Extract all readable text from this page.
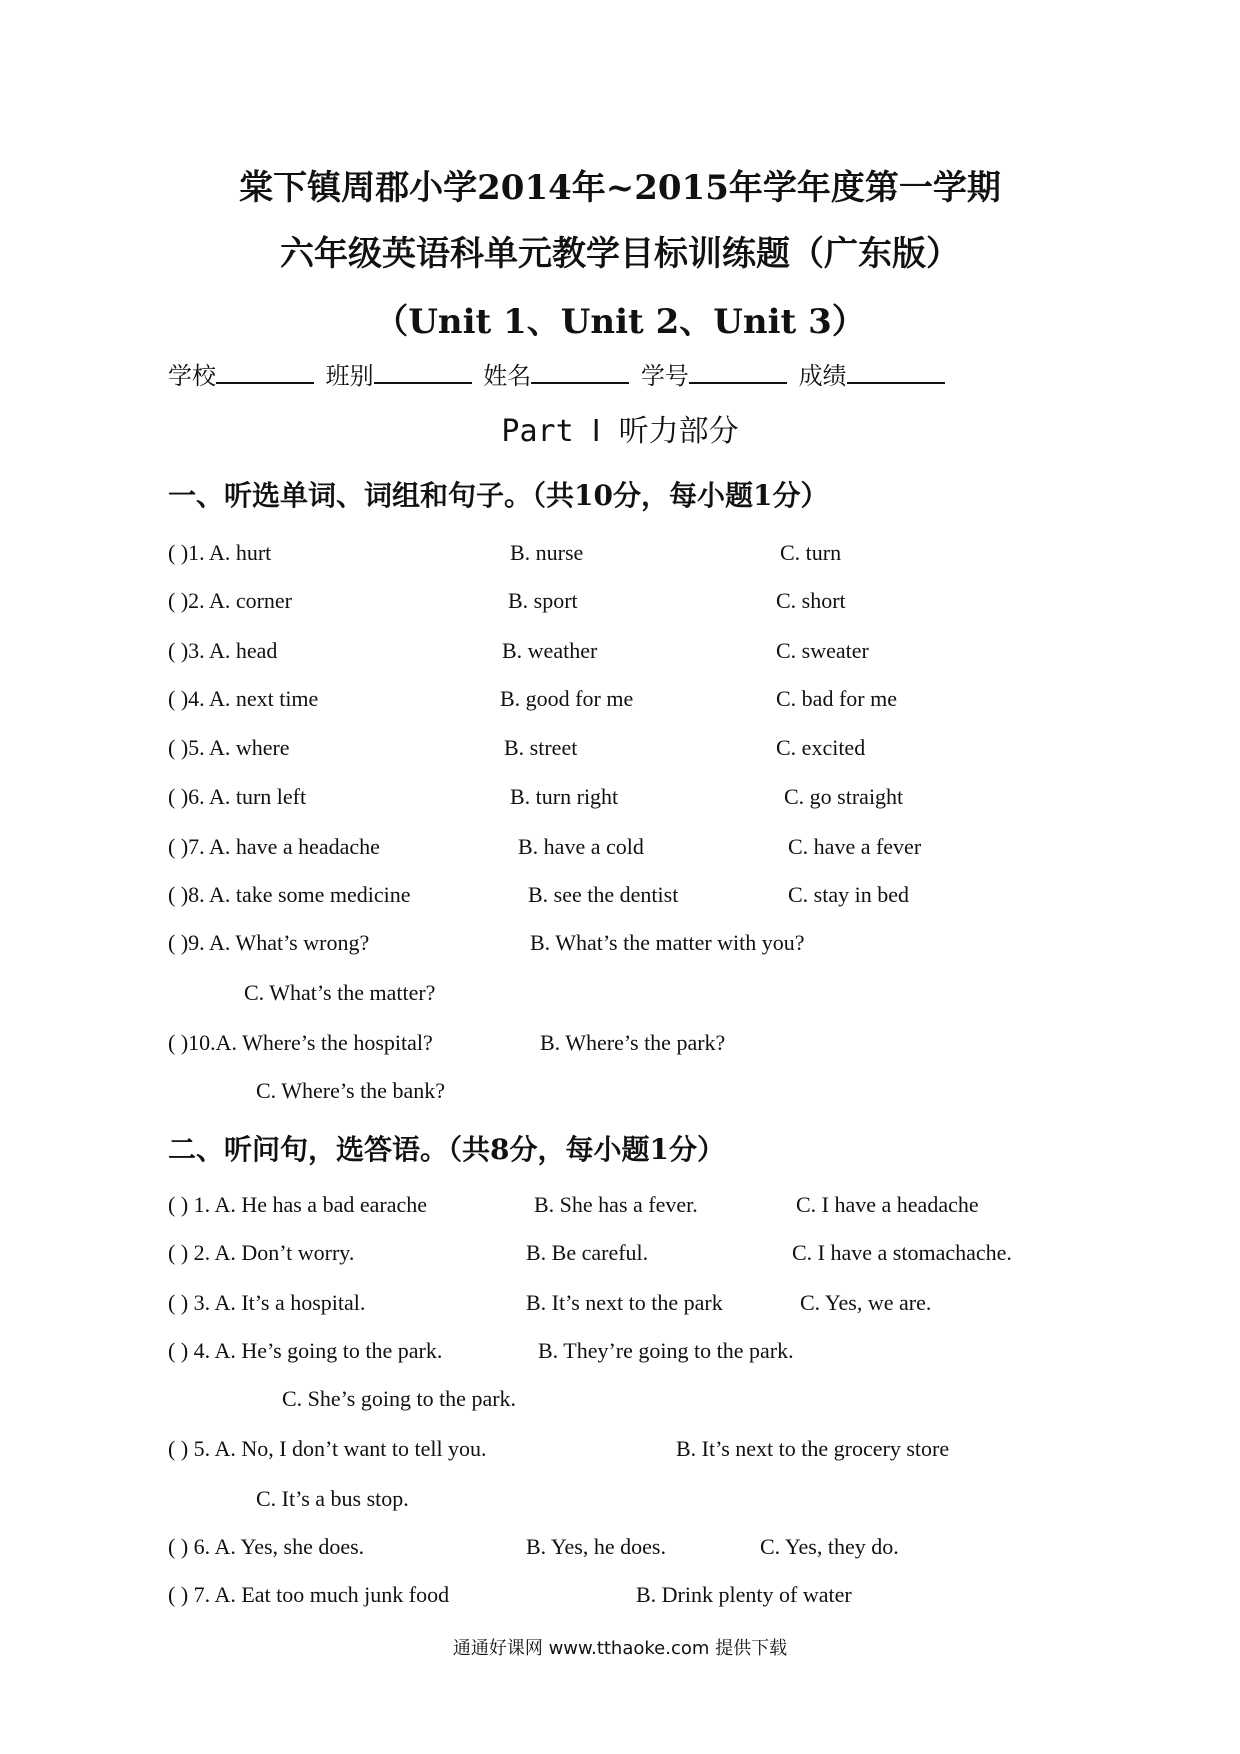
棠下镇周郡小学2014年~2015年学年度第一学期
六年级英语科单元教学目标训练题（广东版）
（Unit 1、Unit 2、Unit 3）
学校	班别	姓名	学号	成绩
Part Ⅰ 听力部分
一、听选单词、词组和句子。（共10分，每小题1分）
( )1. A. hurt	B. nurse	C. turn
( )2. A. corner	B. sport	C. short
( )3. A. head	B. weather	C. sweater
( )4. A. next time	B. good for me	C. bad for me
( )5. A. where	B. street	C. excited
( )6. A. turn left	B. turn right	C. go straight
( )7. A. have a headache	B. have a cold	C. have a fever
( )8. A. take some medicine	B. see the dentist	C. stay in bed
( )9. A. What’s wrong?	B. What’s the matter with you?
C. What’s the matter?
( )10.A. Where’s the hospital?	B. Where’s the park?
C. Where’s the bank?
二、听问句，选答语。（共8分，每小题1分）
( ) 1. A. He has a bad earache	B. She has a fever.	C. I have a headache
( ) 2. A. Don’t worry.	B. Be careful.	C. I have a stomachache.
( ) 3. A. It’s a hospital.	B. It’s next to the park	C. Yes, we are.
( ) 4. A. He’s going to the park.	B. They’re going to the park.
C. She’s going to the park.
( ) 5. A. No, I don’t want to tell you.	B. It’s next to the grocery store
C. It’s a bus stop.
( ) 6. A. Yes, she does.	B. Yes, he does.	C. Yes, they do.
( ) 7. A. Eat too much junk food	B. Drink plenty of water
通通好课网 www.tthaoke.com 提供下载
